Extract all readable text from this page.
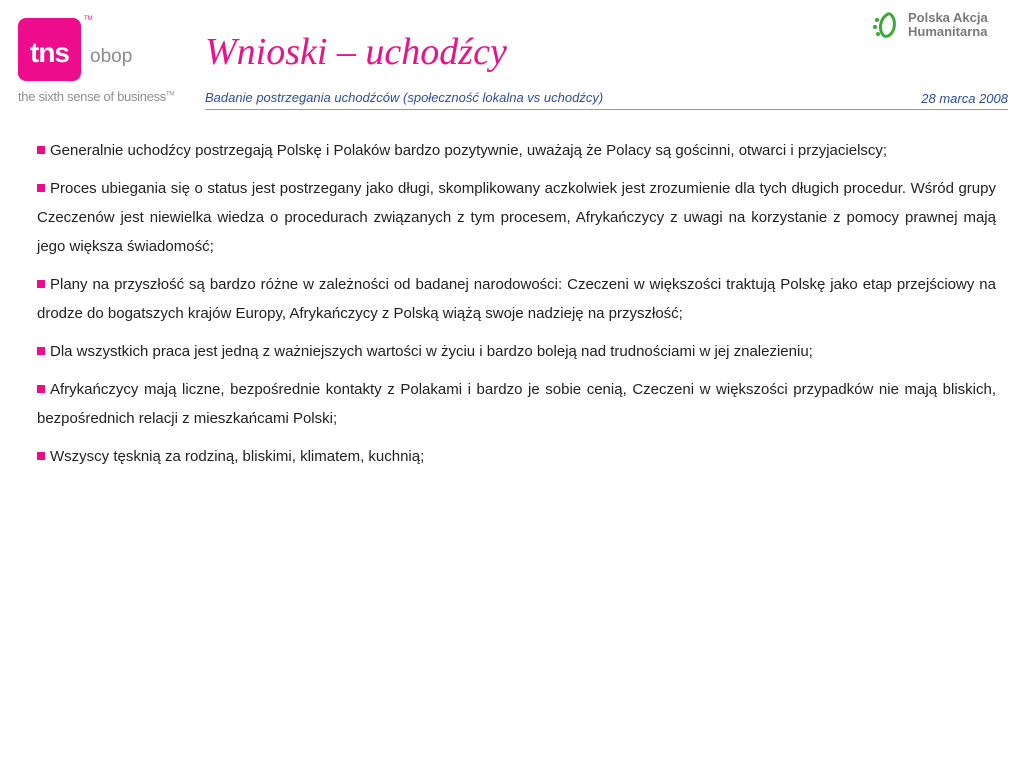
tns
TM
obop
the sixth sense of business™
Wnioski – uchodźcy
Badanie postrzegania uchodźców (społeczność lokalna vs uchodźcy)	28 marca 2008
Polska Akcja
Humanitarna

Generalnie uchodźcy postrzegają Polskę i Polaków bardzo pozytywnie, uważają że Polacy są gościnni, otwarci i przyjacielscy;

Proces ubiegania się o status jest postrzegany jako długi, skomplikowany aczkolwiek jest zrozumienie dla tych długich procedur. Wśród grupy Czeczenów jest niewielka wiedza o procedurach związanych z tym procesem, Afrykańczycy z uwagi na korzystanie z pomocy prawnej mają jego większa świadomość;

Plany na przyszłość są bardzo różne w zależności od badanej narodowości: Czeczeni w większości traktują Polskę jako etap przejściowy na drodze do bogatszych krajów Europy, Afrykańczycy z Polską wiążą swoje nadzieję na przyszłość;

Dla wszystkich praca jest jedną z ważniejszych wartości w życiu i bardzo boleją nad trudnościami w jej znalezieniu;

Afrykańczycy mają liczne, bezpośrednie kontakty z Polakami i bardzo je sobie cenią, Czeczeni w większości przypadków nie mają bliskich, bezpośrednich relacji z mieszkańcami Polski;

Wszyscy tęsknią za rodziną, bliskimi, klimatem, kuchnią;
